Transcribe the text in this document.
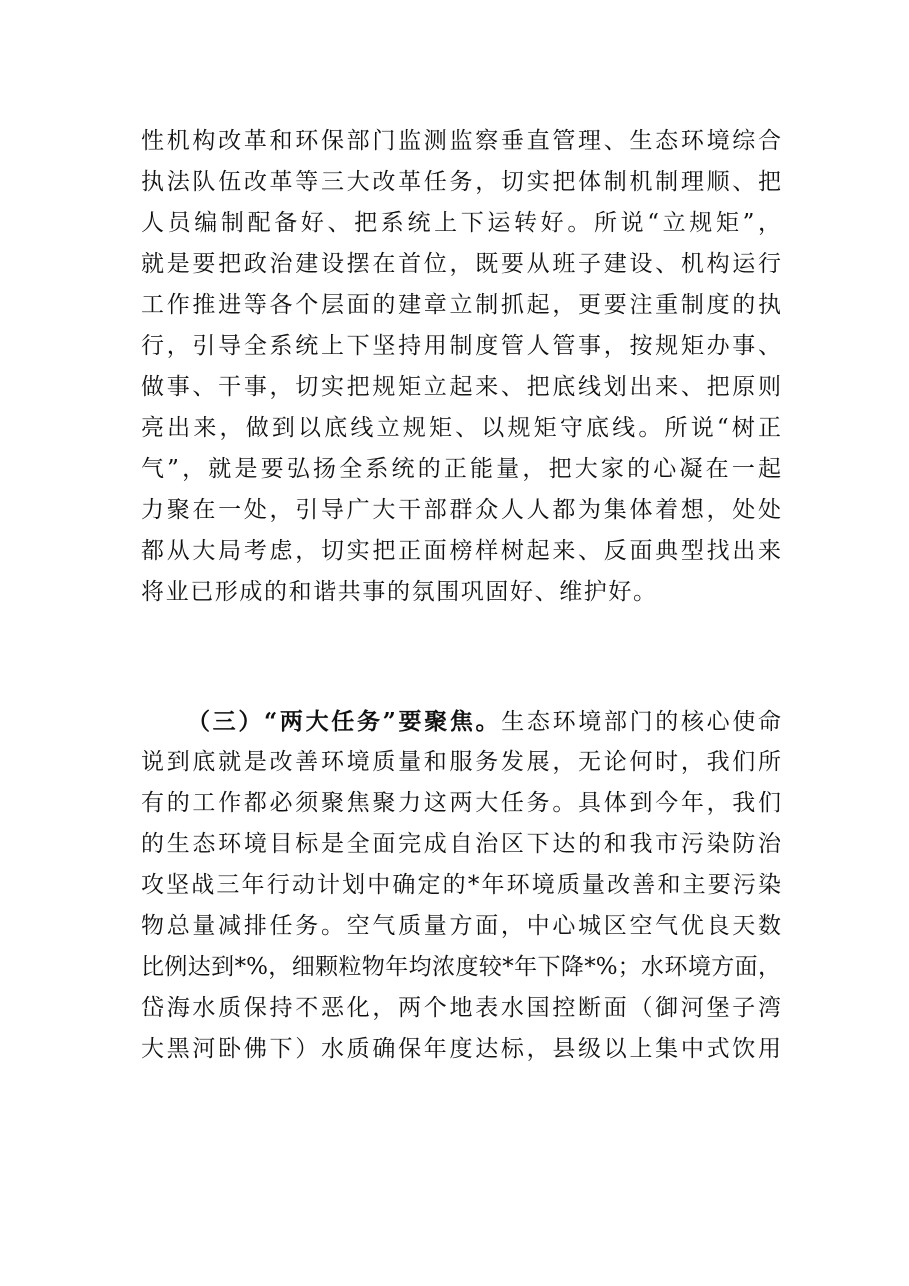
性机构改革和环保部门监测监察垂直管理、生态环境综合
执法队伍改革等三大改革任务，切实把体制机制理顺、把
人员编制配备好、把系统上下运转好。所说“立规矩”，
就是要把政治建设摆在首位，既要从班子建设、机构运行
工作推进等各个层面的建章立制抓起，更要注重制度的执
行，引导全系统上下坚持用制度管人管事，按规矩办事、
做事、干事，切实把规矩立起来、把底线划出来、把原则
亮出来，做到以底线立规矩、以规矩守底线。所说“树正
气”，就是要弘扬全系统的正能量，把大家的心凝在一起
力聚在一处，引导广大干部群众人人都为集体着想，处处
都从大局考虑，切实把正面榜样树起来、反面典型找出来
将业已形成的和谐共事的氛围巩固好、维护好。
（三）“两大任务”要聚焦。生态环境部门的核心使命
说到底就是改善环境质量和服务发展，无论何时，我们所
有的工作都必须聚焦聚力这两大任务。具体到今年，我们
的生态环境目标是全面完成自治区下达的和我市污染防治
攻坚战三年行动计划中确定的*年环境质量改善和主要污染
物总量减排任务。空气质量方面，中心城区空气优良天数
比例达到*%，细颗粒物年均浓度较*年下降*%；水环境方面，
岱海水质保持不恶化，两个地表水国控断面（御河堡子湾
大黑河卧佛下）水质确保年度达标，县级以上集中式饮用
